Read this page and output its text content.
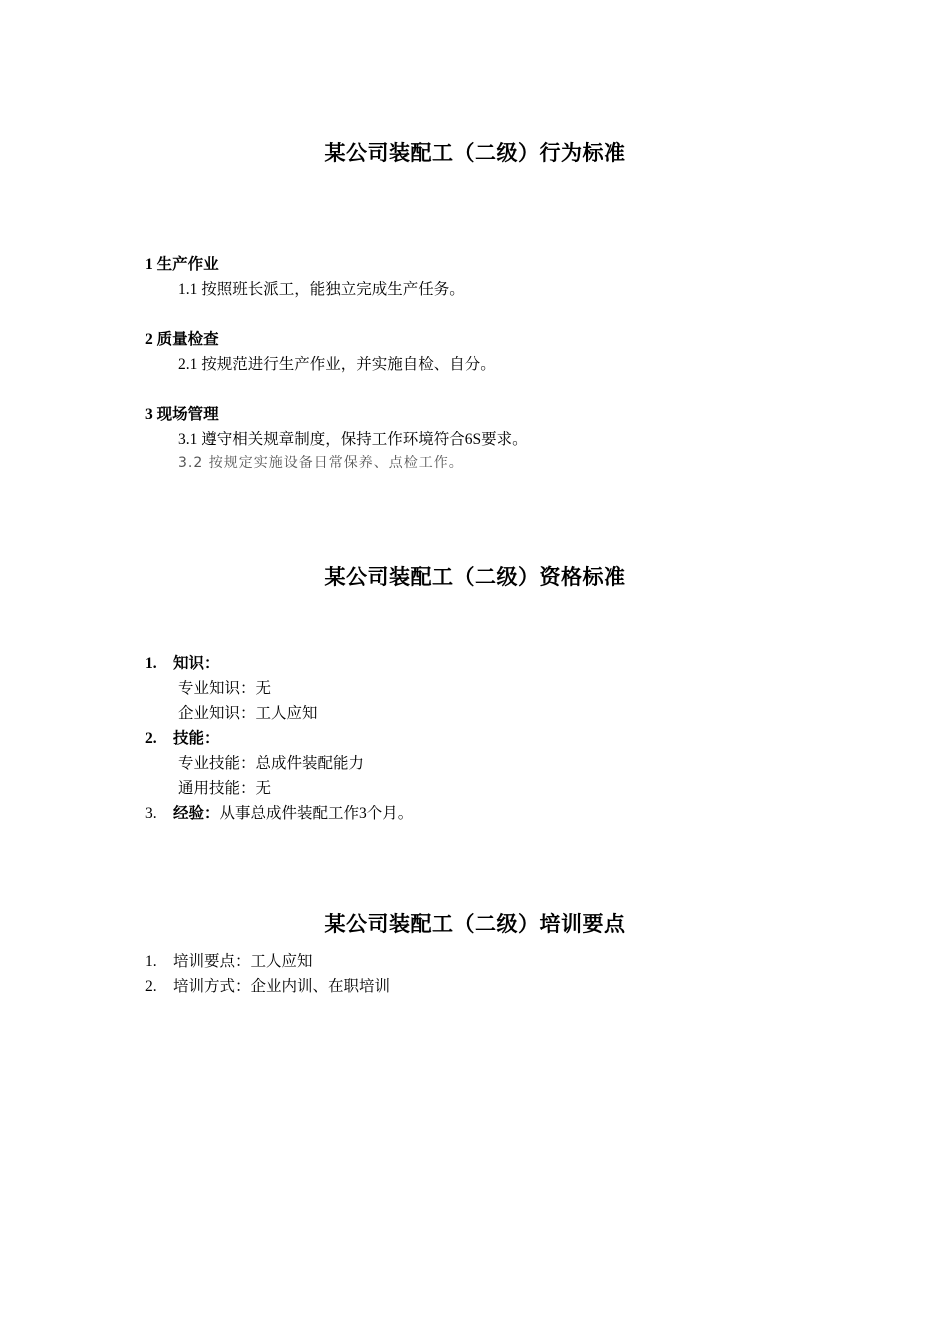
某公司装配工（二级）行为标准
1 生产作业
1.1 按照班长派工，能独立完成生产任务。
2 质量检查
2.1 按规范进行生产作业，并实施自检、自分。
3 现场管理
3.1 遵守相关规章制度，保持工作环境符合6S要求。
3.2 按规定实施设备日常保养、点检工作。
某公司装配工（二级）资格标准
1. 知识：
专业知识：无
企业知识：工人应知
2. 技能：
专业技能：总成件装配能力
通用技能：无
3. 经验：从事总成件装配工作3个月。
某公司装配工（二级）培训要点
1. 培训要点：工人应知
2. 培训方式：企业内训、在职培训
